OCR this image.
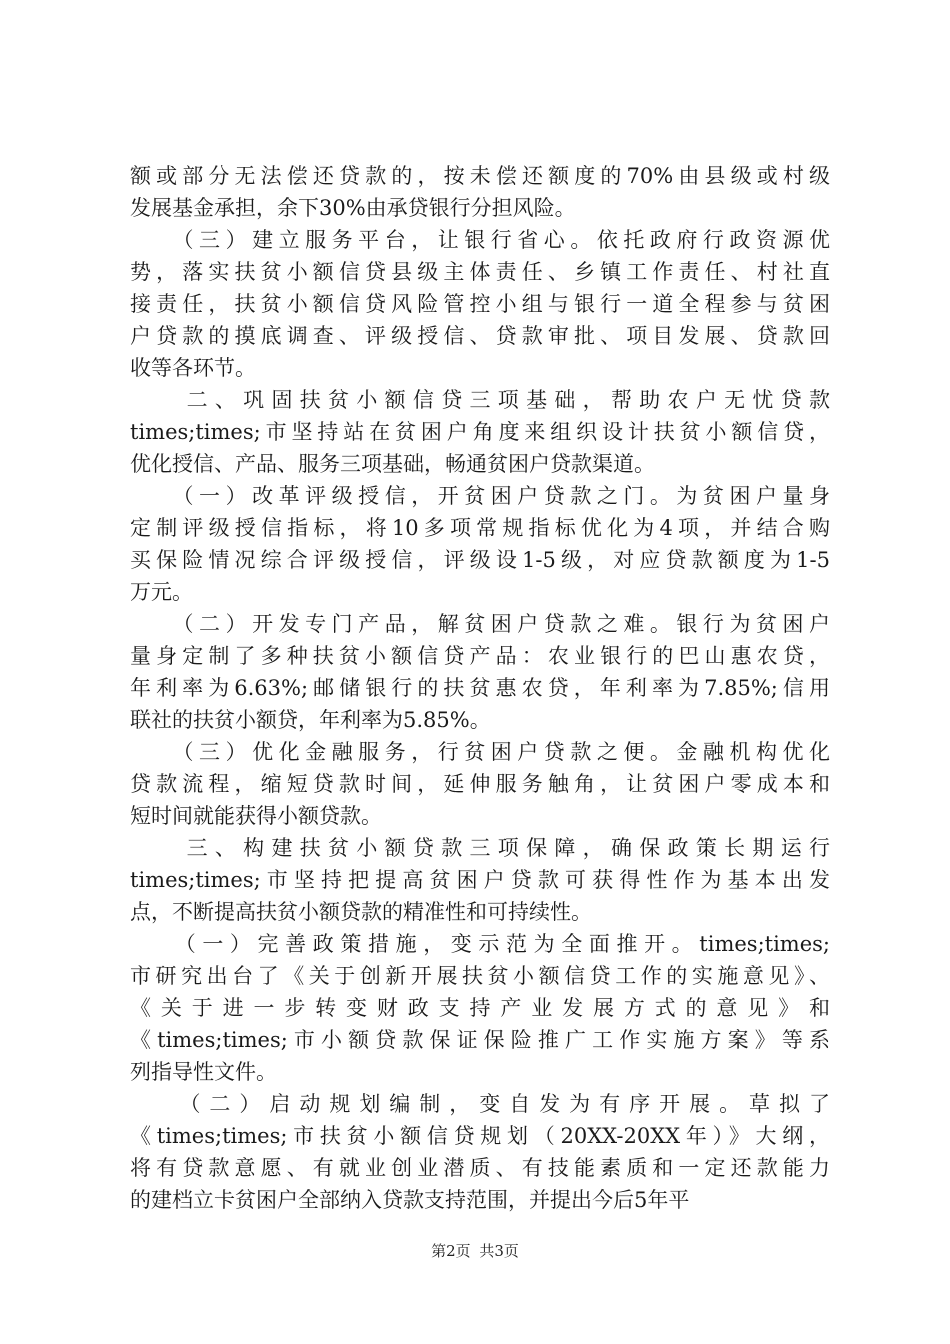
额或部分无法偿还贷款的，按未偿还额度的70%由县级或村级
发展基金承担，余下30%由承贷银行分担风险。
　　（三）建立服务平台，让银行省心。依托政府行政资源优
势，落实扶贫小额信贷县级主体责任、乡镇工作责任、村社直
接责任，扶贫小额信贷风险管控小组与银行一道全程参与贫困
户贷款的摸底调查、评级授信、贷款审批、项目发展、贷款回
收等各环节。
　　二、巩固扶贫小额信贷三项基础，帮助农户无忧贷款
times;times;市坚持站在贫困户角度来组织设计扶贫小额信贷，
优化授信、产品、服务三项基础，畅通贫困户贷款渠道。
　　（一）改革评级授信，开贫困户贷款之门。为贫困户量身
定制评级授信指标，将10多项常规指标优化为4项，并结合购
买保险情况综合评级授信，评级设1-5级，对应贷款额度为1-5
万元。
　　（二）开发专门产品，解贫困户贷款之难。银行为贫困户
量身定制了多种扶贫小额信贷产品：农业银行的巴山惠农贷，
年利率为6.63%;邮储银行的扶贫惠农贷，年利率为7.85%;信用
联社的扶贫小额贷，年利率为5.85%。
　　（三）优化金融服务，行贫困户贷款之便。金融机构优化
贷款流程，缩短贷款时间，延伸服务触角，让贫困户零成本和
短时间就能获得小额贷款。
　　三、构建扶贫小额贷款三项保障，确保政策长期运行
times;times;市坚持把提高贫困户贷款可获得性作为基本出发
点，不断提高扶贫小额贷款的精准性和可持续性。
　　（一）完善政策措施，变示范为全面推开。times;times;
市研究出台了《关于创新开展扶贫小额信贷工作的实施意见》、
《关于进一步转变财政支持产业发展方式的意见》和
《times;times;市小额贷款保证保险推广工作实施方案》等系
列指导性文件。
　　（二）启动规划编制，变自发为有序开展。草拟了
《times;times;市扶贫小额信贷规划（20XX-20XX年）》大纲，
将有贷款意愿、有就业创业潜质、有技能素质和一定还款能力
的建档立卡贫困户全部纳入贷款支持范围，并提出今后5年平
第2页 共3页
